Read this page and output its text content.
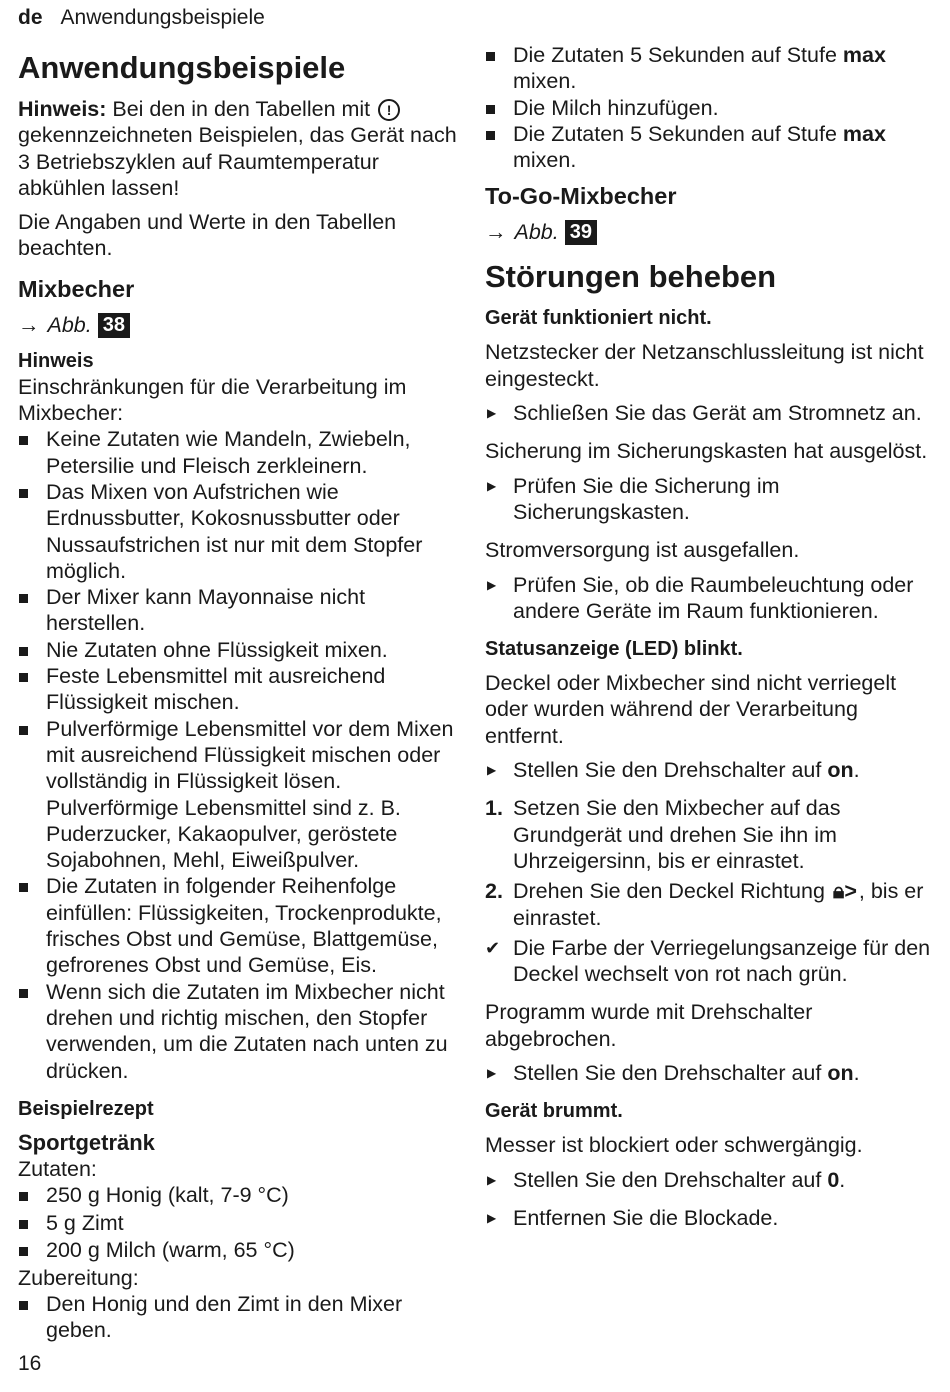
de Anwendungsbeispiele
Anwendungsbeispiele

Hinweis: Bei den in den Tabellen mit ! gekennzeichneten Beispielen, das Gerät nach 3 Betriebszyklen auf Raumtemperatur abkühlen lassen!

Die Angaben und Werte in den Tabellen beachten.

Mixbecher
→ Abb. 38
Hinweis

Einschränkungen für die Verarbeitung im Mixbecher:

Keine Zutaten wie Mandeln, Zwiebeln, Petersilie und Fleisch zerkleinern.
Das Mixen von Aufstrichen wie Erdnussbutter, Kokosnussbutter oder Nussaufstrichen ist nur mit dem Stopfer möglich.
Der Mixer kann Mayonnaise nicht herstellen.
Nie Zutaten ohne Flüssigkeit mixen.
Feste Lebensmittel mit ausreichend Flüssigkeit mischen.
Pulverförmige Lebensmittel vor dem Mixen mit ausreichend Flüssigkeit mischen oder vollständig in Flüssigkeit lösen. Pulverförmige Lebensmittel sind z. B. Puderzucker, Kakaopulver, geröstete Sojabohnen, Mehl, Eiweißpulver.
Die Zutaten in folgender Reihenfolge einfüllen: Flüssigkeiten, Trockenprodukte, frisches Obst und Gemüse, Blattgemüse, gefrorenes Obst und Gemüse, Eis.
Wenn sich die Zutaten im Mixbecher nicht drehen und richtig mischen, den Stopfer verwenden, um die Zutaten nach unten zu drücken.
Beispielrezept
Sportgetränk

Zutaten:

250 g Honig (kalt, 7-9 °C)
5 g Zimt
200 g Milch (warm, 65 °C)

Zubereitung:

Den Honig und den Zimt in den Mixer geben.
Die Zutaten 5 Sekunden auf Stufe max mixen.
Die Milch hinzufügen.
Die Zutaten 5 Sekunden auf Stufe max mixen.
To-Go-Mixbecher
→ Abb. 39
Störungen beheben
Gerät funktioniert nicht.

Netzstecker der Netzanschlussleitung ist nicht eingesteckt.

▶ Schließen Sie das Gerät am Stromnetz an.

Sicherung im Sicherungskasten hat ausgelöst.

▶ Prüfen Sie die Sicherung im Sicherungskasten.

Stromversorgung ist ausgefallen.

▶ Prüfen Sie, ob die Raumbeleuchtung oder andere Geräte im Raum funktionieren.
Statusanzeige (LED) blinkt.

Deckel oder Mixbecher sind nicht verriegelt oder wurden während der Verarbeitung entfernt.

▶ Stellen Sie den Drehschalter auf on.
1. Setzen Sie den Mixbecher auf das Grundgerät und drehen Sie ihn im Uhrzeigersinn, bis er einrastet.
2. Drehen Sie den Deckel Richtung 🔒︎>, bis er einrastet.
✔ Die Farbe der Verriegelungsanzeige für den Deckel wechselt von rot nach grün.

Programm wurde mit Drehschalter abgebrochen.

▶ Stellen Sie den Drehschalter auf on.
Gerät brummt.

Messer ist blockiert oder schwergängig.

▶ Stellen Sie den Drehschalter auf 0.
▶ Entfernen Sie die Blockade.
16
